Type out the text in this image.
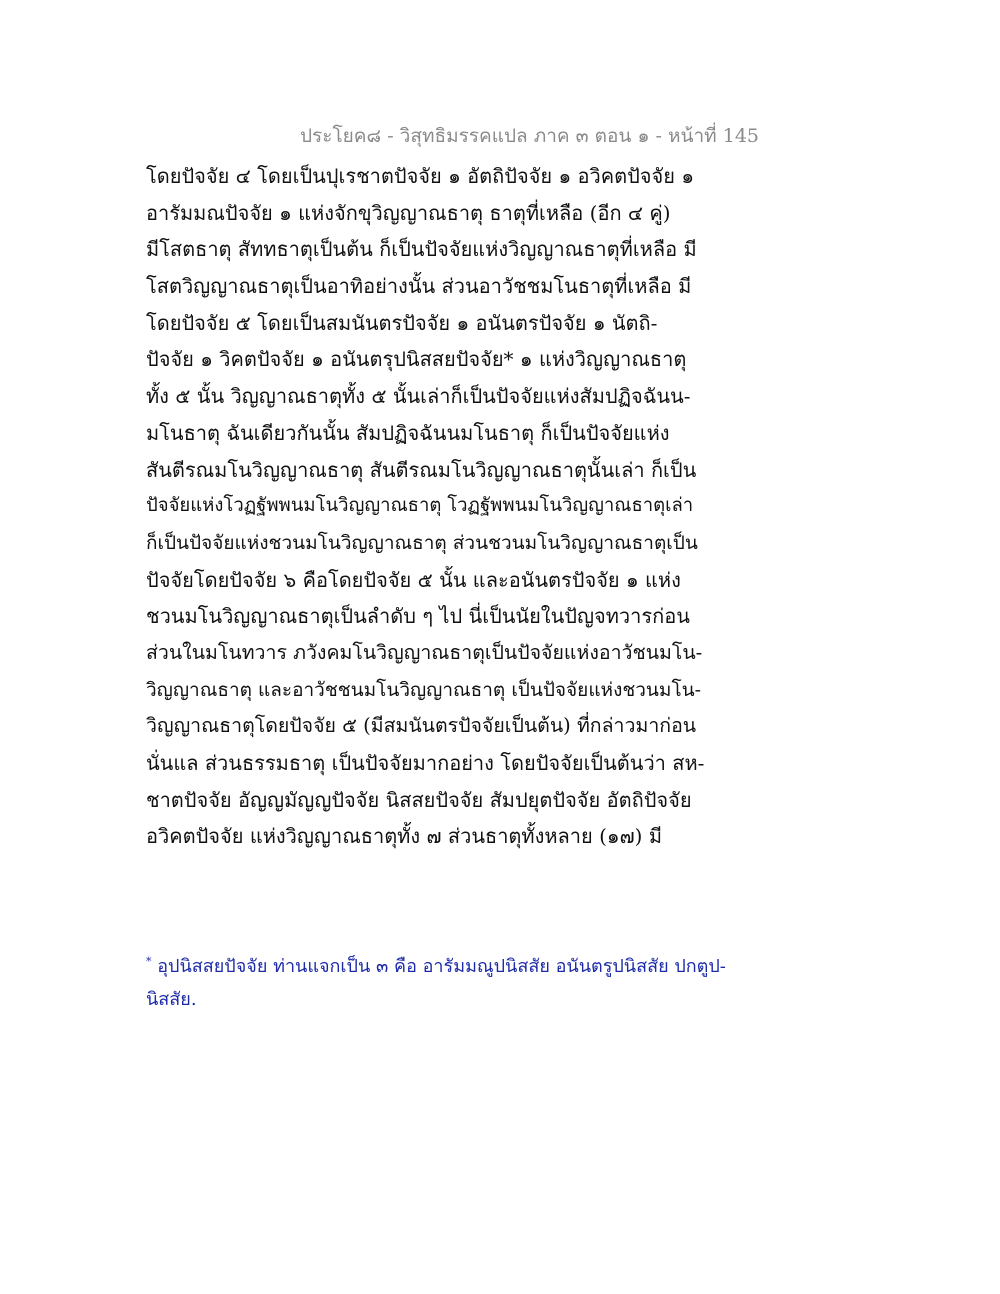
ประโยค๘ - วิสุทธิมรรคแปล ภาค ๓ ตอน ๑ - หน้าที่ 145
โดยปัจจัย ๔ โดยเป็นปุเรชาตปัจจัย ๑ อัตถิปัจจัย ๑ อวิคตปัจจัย ๑
อารัมมณปัจจัย ๑ แห่งจักขุวิญญาณธาตุ ธาตุที่เหลือ (อีก ๔ คู่)
มีโสตธาตุ สัททธาตุเป็นต้น ก็เป็นปัจจัยแห่งวิญญาณธาตุที่เหลือ มี
โสตวิญญาณธาตุเป็นอาทิอย่างนั้น ส่วนอาวัชชมโนธาตุที่เหลือ มี
โดยปัจจัย ๕ โดยเป็นสมนันตรปัจจัย ๑ อนันตรปัจจัย ๑ นัตถิ-
ปัจจัย ๑ วิคตปัจจัย ๑ อนันตรุปนิสสยปัจจัย* ๑ แห่งวิญญาณธาตุ
ทั้ง ๕ นั้น วิญญาณธาตุทั้ง ๕ นั้นเล่าก็เป็นปัจจัยแห่งสัมปฏิจฉันน-
มโนธาตุ ฉันเดียวกันนั้น สัมปฏิจฉันนมโนธาตุ ก็เป็นปัจจัยแห่ง
สันตีรณมโนวิญญาณธาตุ สันตีรณมโนวิญญาณธาตุนั้นเล่า ก็เป็น
ปัจจัยแห่งโวฏฐัพพนมโนวิญญาณธาตุ โวฏฐัพพนมโนวิญญาณธาตุเล่า
ก็เป็นปัจจัยแห่งชวนมโนวิญญาณธาตุ ส่วนชวนมโนวิญญาณธาตุเป็น
ปัจจัยโดยปัจจัย ๖ คือโดยปัจจัย ๕ นั้น และอนันตรปัจจัย ๑ แห่ง
ชวนมโนวิญญาณธาตุเป็นลำดับ ๆ ไป นี่เป็นนัยในปัญจทวารก่อน
ส่วนในมโนทวาร ภวังคมโนวิญญาณธาตุเป็นปัจจัยแห่งอาวัชนมโน-
วิญญาณธาตุ และอาวัชชนมโนวิญญาณธาตุ เป็นปัจจัยแห่งชวนมโน-
วิญญาณธาตุโดยปัจจัย ๕ (มีสมนันตรปัจจัยเป็นต้น) ที่กล่าวมาก่อน
นั่นแล ส่วนธรรมธาตุ เป็นปัจจัยมากอย่าง โดยปัจจัยเป็นต้นว่า สห-
ชาตปัจจัย อัญญมัญญปัจจัย นิสสยปัจจัย สัมปยุตปัจจัย อัตถิปัจจัย
อวิคตปัจจัย แห่งวิญญาณธาตุทั้ง ๗ ส่วนธาตุทั้งหลาย (๑๗) มี
* อุปนิสสยปัจจัย ท่านแจกเป็น ๓ คือ อารัมมณูปนิสสัย อนันตรูปนิสสัย ปกตูป-
นิสสัย.
